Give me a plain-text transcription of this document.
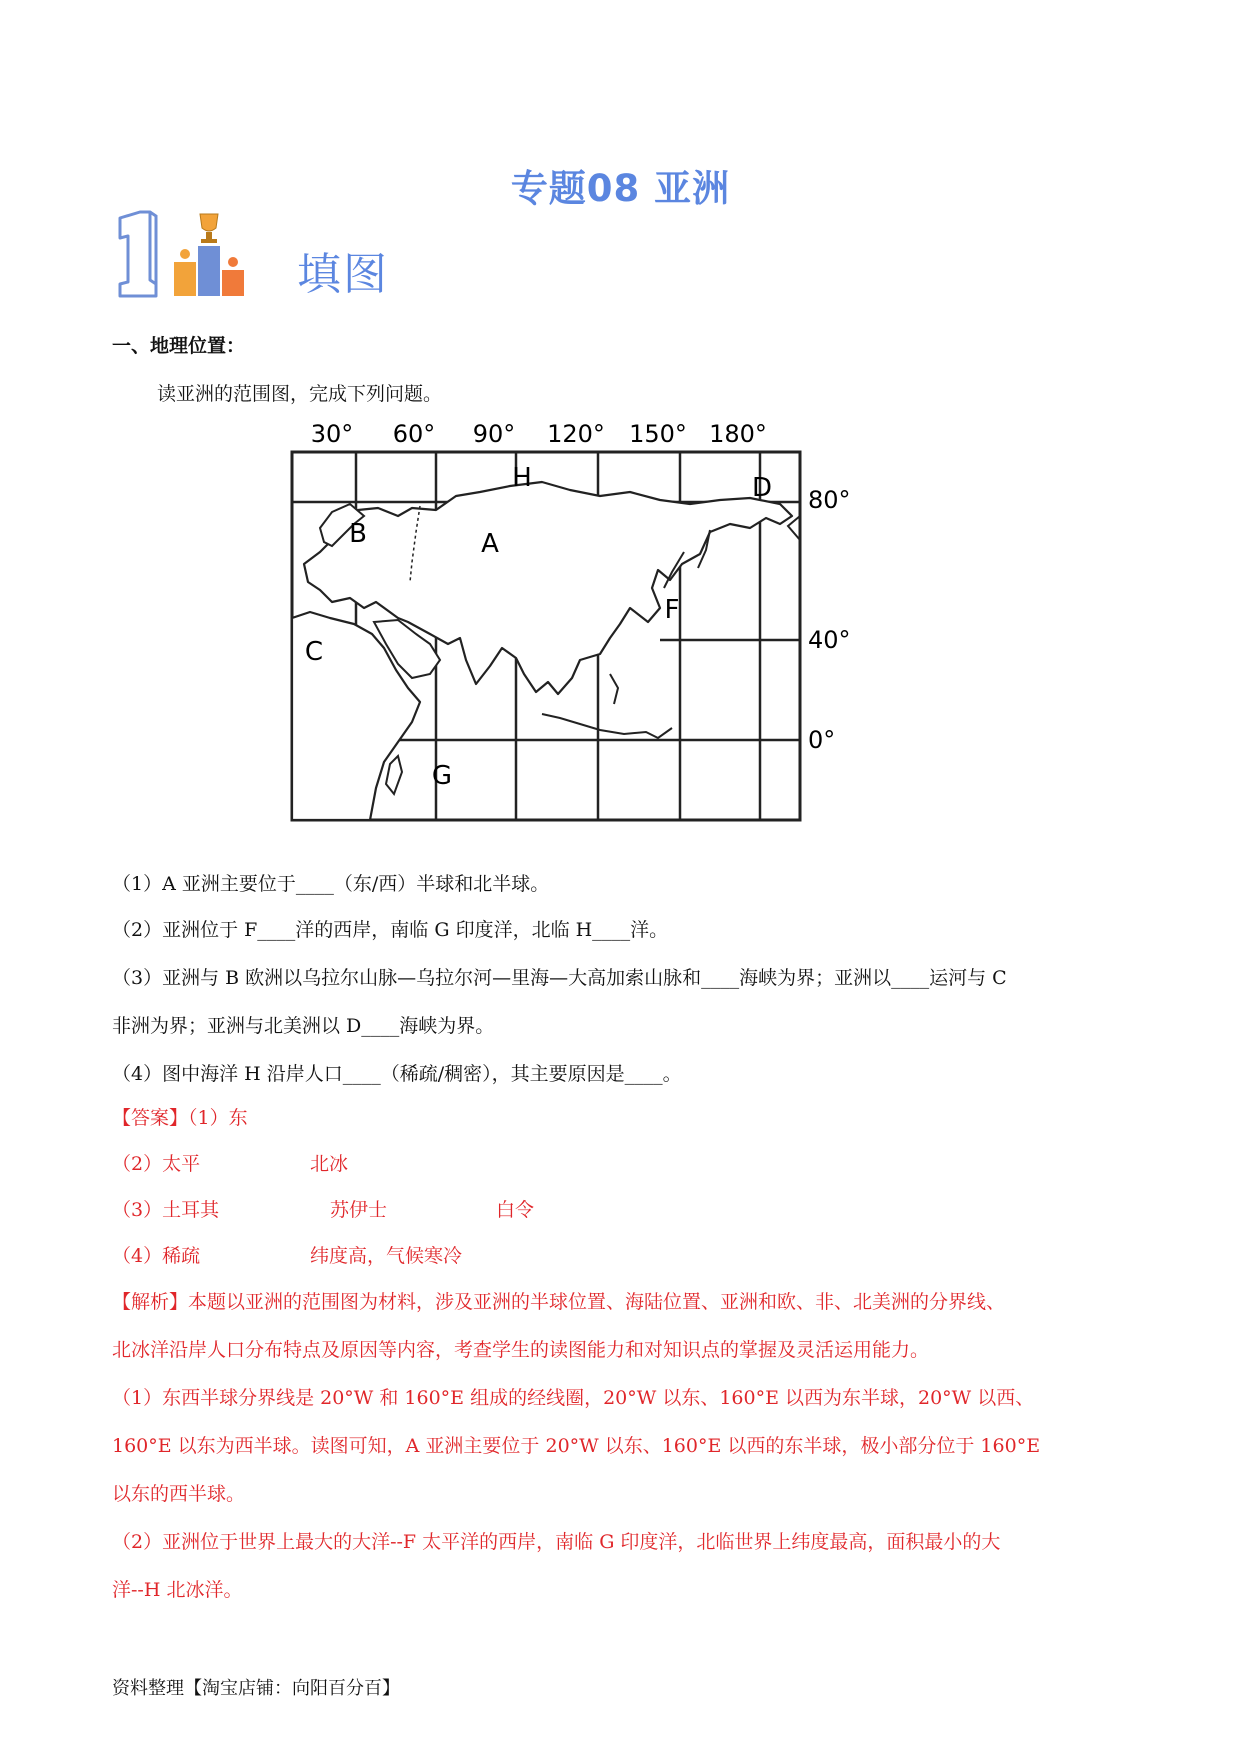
专题08 亚洲
填图
一、地理位置：
读亚洲的范围图，完成下列问题。
30° 60° 90° 120° 150° 180°
80°
40°
0°
H
A
B
C
D
F
G
（1）A 亚洲主要位于____（东/西）半球和北半球。
（2）亚洲位于 F____洋的西岸，南临 G 印度洋，北临 H____洋。
（3）亚洲与 B 欧洲以乌拉尔山脉—乌拉尔河—里海—大高加索山脉和____海峡为界；亚洲以____运河与 C
非洲为界；亚洲与北美洲以 D____海峡为界。
（4）图中海洋 H 沿岸人口____（稀疏/稠密），其主要原因是____。
【答案】（1）东
（2）太平	北冰
（3）土耳其	苏伊士	白令
（4）稀疏	纬度高，气候寒冷
【解析】本题以亚洲的范围图为材料，涉及亚洲的半球位置、海陆位置、亚洲和欧、非、北美洲的分界线、
北冰洋沿岸人口分布特点及原因等内容，考查学生的读图能力和对知识点的掌握及灵活运用能力。
（1）东西半球分界线是 20°W 和 160°E 组成的经线圈，20°W 以东、160°E 以西为东半球，20°W 以西、
160°E 以东为西半球。读图可知，A 亚洲主要位于 20°W 以东、160°E 以西的东半球，极小部分位于 160°E
以东的西半球。
（2）亚洲位于世界上最大的大洋--F 太平洋的西岸，南临 G 印度洋，北临世界上纬度最高，面积最小的大
洋--H 北冰洋。
资料整理【淘宝店铺：向阳百分百】
